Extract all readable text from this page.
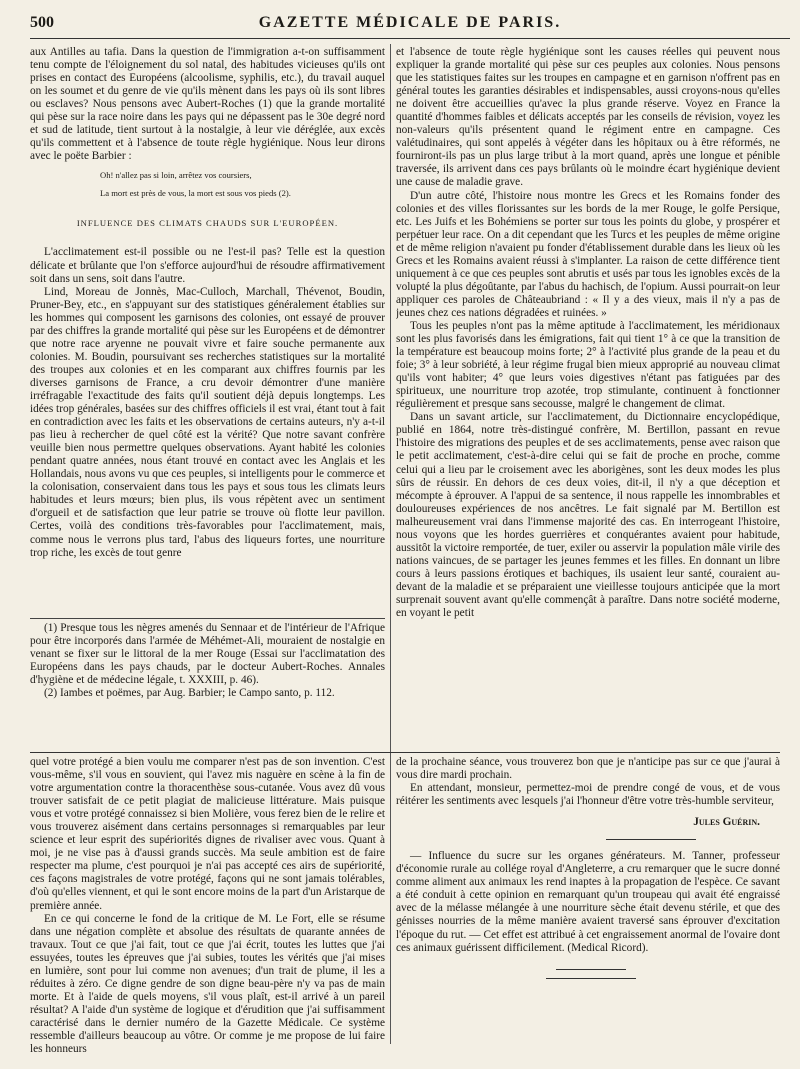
500	GAZETTE MÉDICALE DE PARIS.

aux Antilles au tafia. Dans la question de l'immigration a-t-on suffisamment tenu compte de l'éloignement du sol natal, des habitudes vicieuses qu'ils ont prises en contact des Européens (alcoolisme, syphilis, etc.), du travail auquel on les soumet et du genre de vie qu'ils mènent dans les pays où ils sont libres ou esclaves? Nous pensons avec Aubert-Roches (1) que la grande mortalité qui pèse sur la race noire dans les pays qui ne dépassent pas le 30e degré nord et sud de latitude, tient surtout à la nostalgie, à leur vie déréglée, aux excès qu'ils commettent et à l'absence de toute règle hygiénique. Nous leur dirons avec le poëte Barbier :

Oh! n'allez pas si loin, arrêtez vos coursiers,

La mort est près de vous, la mort est sous vos pieds (2).

INFLUENCE DES CLIMATS CHAUDS SUR L'EUROPÉEN.

L'acclimatement est-il possible ou ne l'est-il pas? Telle est la question délicate et brûlante que l'on s'efforce aujourd'hui de résoudre affirmativement soit dans un sens, soit dans l'autre.

Lind, Moreau de Jonnès, Mac-Culloch, Marchall, Thévenot, Boudin, Pruner-Bey, etc., en s'appuyant sur des statistiques généralement établies sur les hommes qui composent les garnisons des colonies, ont essayé de prouver par des chiffres la grande mortalité qui pèse sur les Européens et de démontrer que notre race aryenne ne pouvait vivre et faire souche permanente aux colonies. M. Boudin, poursuivant ses recherches statistiques sur la mortalité des troupes aux colonies et en les comparant aux chiffres fournis par les diverses garnisons de France, a cru devoir démontrer d'une manière irréfragable l'exactitude des faits qu'il soutient déjà depuis longtemps. Les idées trop générales, basées sur des chiffres officiels il est vrai, étant tout à fait en contradiction avec les faits et les observations de certains auteurs, n'y a-t-il pas lieu à rechercher de quel côté est la vérité? Que notre savant confrère veuille bien nous permettre quelques observations. Ayant habité les colonies pendant quatre années, nous étant trouvé en contact avec les Anglais et les Hollandais, nous avons vu que ces peuples, si intelligents pour le commerce et la colonisation, conservaient dans tous les pays et sous tous les climats leurs habitudes et leurs mœurs; bien plus, ils vous répètent avec un sentiment d'orgueil et de satisfaction que leur patrie se trouve où flotte leur pavillon. Certes, voilà des conditions très-favorables pour l'acclimatement, mais, comme nous le verrons plus tard, l'abus des liqueurs fortes, une nourriture trop riche, les excès de tout genre

(1) Presque tous les nègres amenés du Sennaar et de l'intérieur de l'Afrique pour être incorporés dans l'armée de Méhémet-Ali, mouraient de nostalgie en venant se fixer sur le littoral de la mer Rouge (Essai sur l'acclimatation des Européens dans les pays chauds, par le docteur Aubert-Roches. Annales d'hygiène et de médecine légale, t. XXXIII, p. 46).

(2) Iambes et poëmes, par Aug. Barbier; le Campo santo, p. 112.

et l'absence de toute règle hygiénique sont les causes réelles qui peuvent nous expliquer la grande mortalité qui pèse sur ces peuples aux colonies. Nous pensons que les statistiques faites sur les troupes en campagne et en garnison n'offrent pas en général toutes les garanties désirables et indispensables, aussi croyons-nous qu'elles ne doivent être accueillies qu'avec la plus grande réserve. Voyez en France la quantité d'hommes faibles et délicats acceptés par les conseils de révision, voyez les non-valeurs qu'ils présentent quand le régiment entre en campagne. Ces valétudinaires, qui sont appelés à végéter dans les hôpitaux ou à être réformés, ne fourniront-ils pas un plus large tribut à la mort quand, après une longue et pénible traversée, ils arrivent dans ces pays brûlants où le moindre écart hygiénique devient une cause de maladie grave.

D'un autre côté, l'histoire nous montre les Grecs et les Romains fonder des colonies et des villes florissantes sur les bords de la mer Rouge, le golfe Persique, etc. Les Juifs et les Bohémiens se porter sur tous les points du globe, y prospérer et perpétuer leur race. On a dit cependant que les Turcs et les peuples de même origine et de même religion n'avaient pu fonder d'établissement durable dans les lieux où les Grecs et les Romains avaient réussi à s'implanter. La raison de cette différence tient uniquement à ce que ces peuples sont abrutis et usés par tous les ignobles excès de la volupté la plus dégoûtante, par l'abus du hachisch, de l'opium. Aussi pourrait-on leur appliquer ces paroles de Châteaubriand : « Il y a des vieux, mais il n'y a pas de jeunes chez ces nations dégradées et ruinées. »

Tous les peuples n'ont pas la même aptitude à l'acclimatement, les méridionaux sont les plus favorisés dans les émigrations, fait qui tient 1° à ce que la transition de la température est beaucoup moins forte; 2° à l'activité plus grande de la peau et du foie; 3° à leur sobriété, à leur régime frugal bien mieux approprié au nouveau climat qu'ils vont habiter; 4° que leurs voies digestives n'étant pas fatiguées par des spiritueux, une nourriture trop azotée, trop stimulante, continuent à fonctionner régulièrement et presque sans secousse, malgré le changement de climat.

Dans un savant article, sur l'acclimatement, du Dictionnaire encyclopédique, publié en 1864, notre très-distingué confrère, M. Bertillon, passant en revue l'histoire des migrations des peuples et de ses acclimatements, pense avec raison que le petit acclimatement, c'est-à-dire celui qui se fait de proche en proche, comme celui qui a lieu par le croisement avec les aborigènes, sont les deux modes les plus sûrs de réussir. En dehors de ces deux voies, dit-il, il n'y a que déception et mécompte à éprouver. A l'appui de sa sentence, il nous rappelle les innombrables et douloureuses expériences de nos ancêtres. Le fait signalé par M. Bertillon est malheureusement vrai dans l'immense majorité des cas. En interrogeant l'histoire, nous voyons que les hordes guerrières et conquérantes avaient pour habitude, aussitôt la victoire remportée, de tuer, exiler ou asservir la population mâle virile des nations vaincues, de se partager les jeunes femmes et les filles. En donnant un libre cours à leurs passions érotiques et bachiques, ils usaient leur santé, couraient au-devant de la maladie et se préparaient une vieillesse toujours anticipée que la mort surprenait souvent avant qu'elle commençât à paraître. Dans notre société moderne, en voyant le petit

quel votre protégé a bien voulu me comparer n'est pas de son invention. C'est vous-même, s'il vous en souvient, qui l'avez mis naguère en scène à la fin de votre argumentation contre la thoracenthèse sous-cutanée. Vous avez dû vous trouver satisfait de ce petit plagiat de malicieuse littérature. Mais puisque vous et votre protégé connaissez si bien Molière, vous ferez bien de le relire et vous trouverez aisément dans certains personnages si remarquables par leur science et leur esprit des supériorités dignes de rivaliser avec vous. Quant à moi, je ne vise pas à d'aussi grands succès. Ma seule ambition est de faire respecter ma plume, c'est pourquoi je n'ai pas accepté ces airs de supériorité, ces façons magistrales de votre protégé, façons qui ne sont jamais tolérables, d'où qu'elles viennent, et qui le sont encore moins de la part d'un Aristarque de première année.

En ce qui concerne le fond de la critique de M. Le Fort, elle se résume dans une négation complète et absolue des résultats de quarante années de travaux. Tout ce que j'ai fait, tout ce que j'ai écrit, toutes les luttes que j'ai essuyées, toutes les épreuves que j'ai subies, toutes les vérités que j'ai mises en lumière, sont pour lui comme non avenues; d'un trait de plume, il les a réduites à zéro. Ce digne gendre de son digne beau-père n'y va pas de main morte. Et à l'aide de quels moyens, s'il vous plaît, est-il arrivé à un pareil résultat? A l'aide d'un système de logique et d'érudition que j'ai suffisamment caractérisé dans le dernier numéro de la Gazette Médicale. Ce système ressemble d'ailleurs beaucoup au vôtre. Or comme je me propose de lui faire les honneurs

de la prochaine séance, vous trouverez bon que je n'anticipe pas sur ce que j'aurai à vous dire mardi prochain.

En attendant, monsieur, permettez-moi de prendre congé de vous, et de vous réitérer les sentiments avec lesquels j'ai l'honneur d'être votre très-humble serviteur,

Jules Guérin.

— Influence du sucre sur les organes générateurs. M. Tanner, professeur d'économie rurale au collége royal d'Angleterre, a cru remarquer que le sucre donné comme aliment aux animaux les rend inaptes à la propagation de l'espèce. Ce savant a été conduit à cette opinion en remarquant qu'un troupeau qui avait été engraissé avec de la mélasse mélangée à une nourriture sèche était devenu stérile, et que des génisses nourries de la même manière avaient traversé sans éprouver d'excitation l'époque du rut. — Cet effet est attribué à cet engraissement anormal de l'ovaire dont ces animaux guérissent difficilement. (Medical Ricord).
